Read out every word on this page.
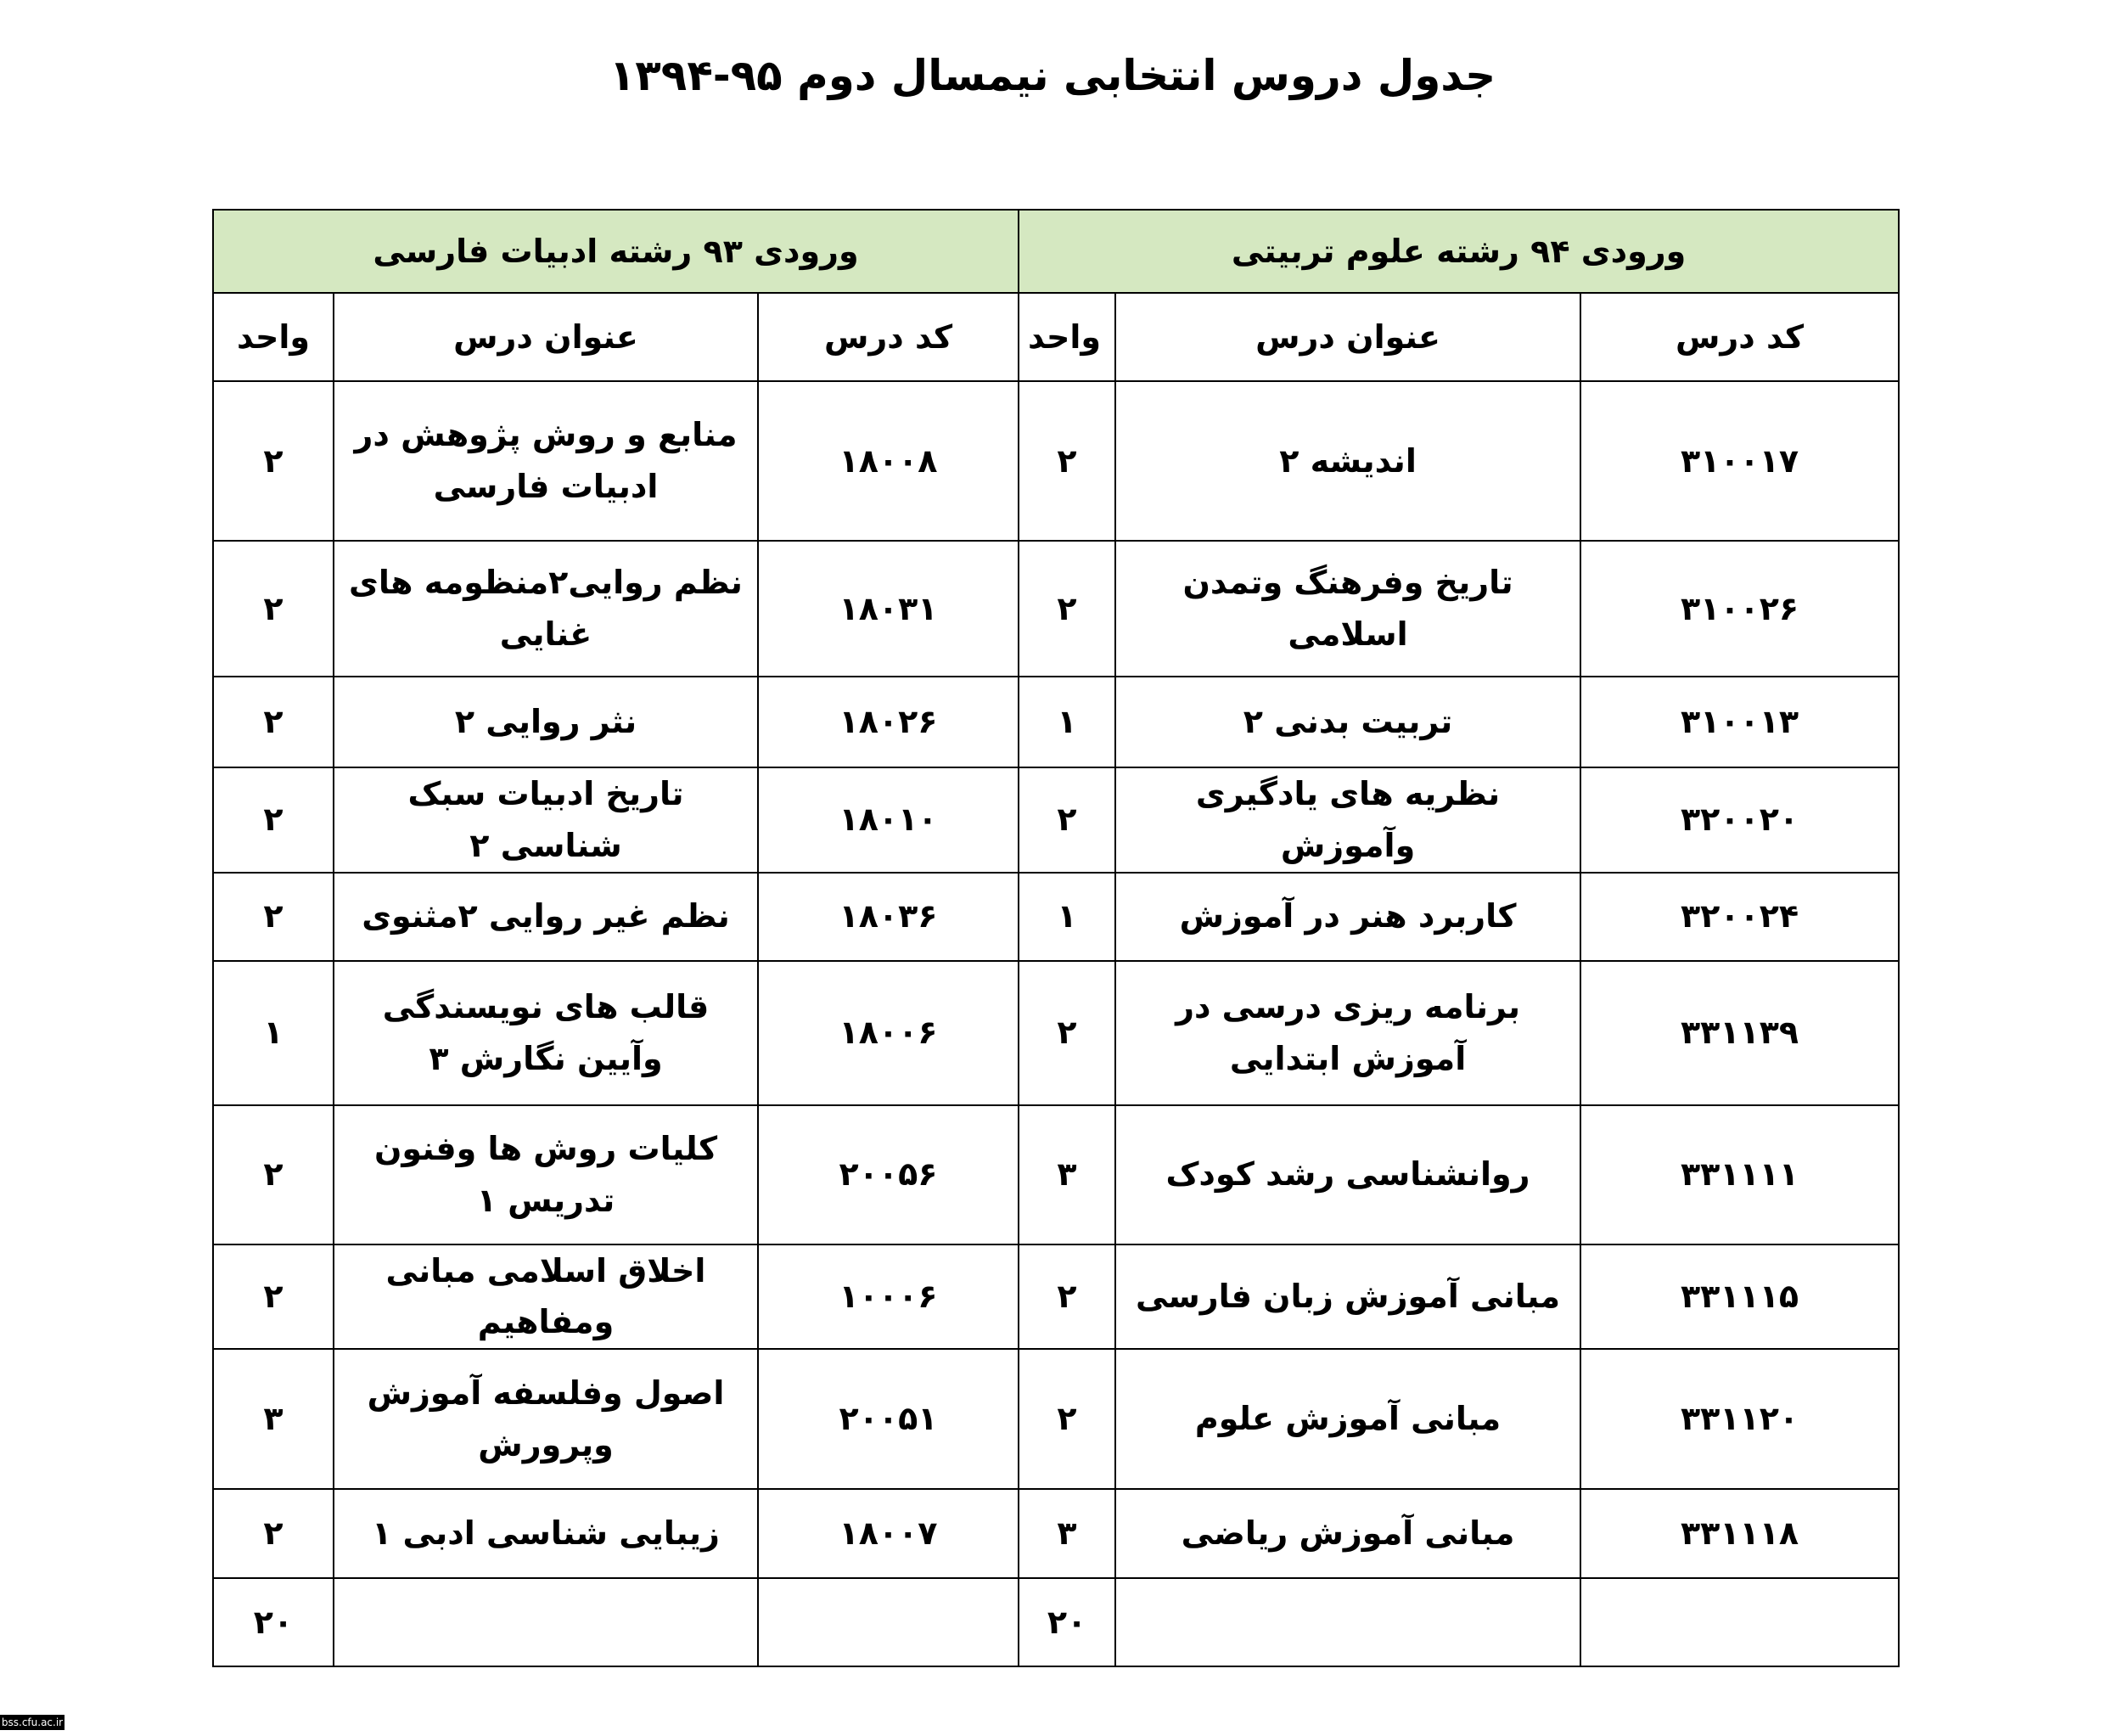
جدول دروس انتخابی نیمسال دوم ۹۵-۱۳۹۴
ورودی ۹۳ رشته ادبیات فارسی			ورودی ۹۴ رشته علوم تربیتی		
واحد	عنوان درس	کد درس	واحد	عنوان درس	کد درس
۲	منابع و روش پژوهش در ادبیات فارسی	۱۸۰۰۸	۲	اندیشه ۲	۳۱۰۰۱۷
۲	نظم روایی۲منظومه های غنایی	۱۸۰۳۱	۲	تاریخ وفرهنگ وتمدن اسلامی	۳۱۰۰۲۶
۲	نثر روایی ۲	۱۸۰۲۶	۱	تربیت بدنی ۲	۳۱۰۰۱۳
۲	تاریخ ادبیات سبک شناسی ۲	۱۸۰۱۰	۲	نظریه های یادگیری وآموزش	۳۲۰۰۲۰
۲	نظم غیر روایی ۲مثنوی	۱۸۰۳۶	۱	کاربرد هنر در آموزش	۳۲۰۰۲۴
۱	قالب های نویسندگی وآیین نگارش ۳	۱۸۰۰۶	۲	برنامه ریزی درسی در آموزش ابتدایی	۳۳۱۱۳۹
۲	کلیات روش ها وفنون تدریس ۱	۲۰۰۵۶	۳	روانشناسی رشد کودک	۳۳۱۱۱۱
۲	اخلاق اسلامی مبانی ومفاهیم	۱۰۰۰۶	۲	مبانی آموزش زبان فارسی	۳۳۱۱۱۵
۳	اصول وفلسفه آموزش وپرورش	۲۰۰۵۱	۲	مبانی آموزش علوم	۳۳۱۱۲۰
۲	زیبایی شناسی ادبی ۱	۱۸۰۰۷	۳	مبانی آموزش ریاضی	۳۳۱۱۱۸
۲۰			۲۰		
bss.cfu.ac.ir
